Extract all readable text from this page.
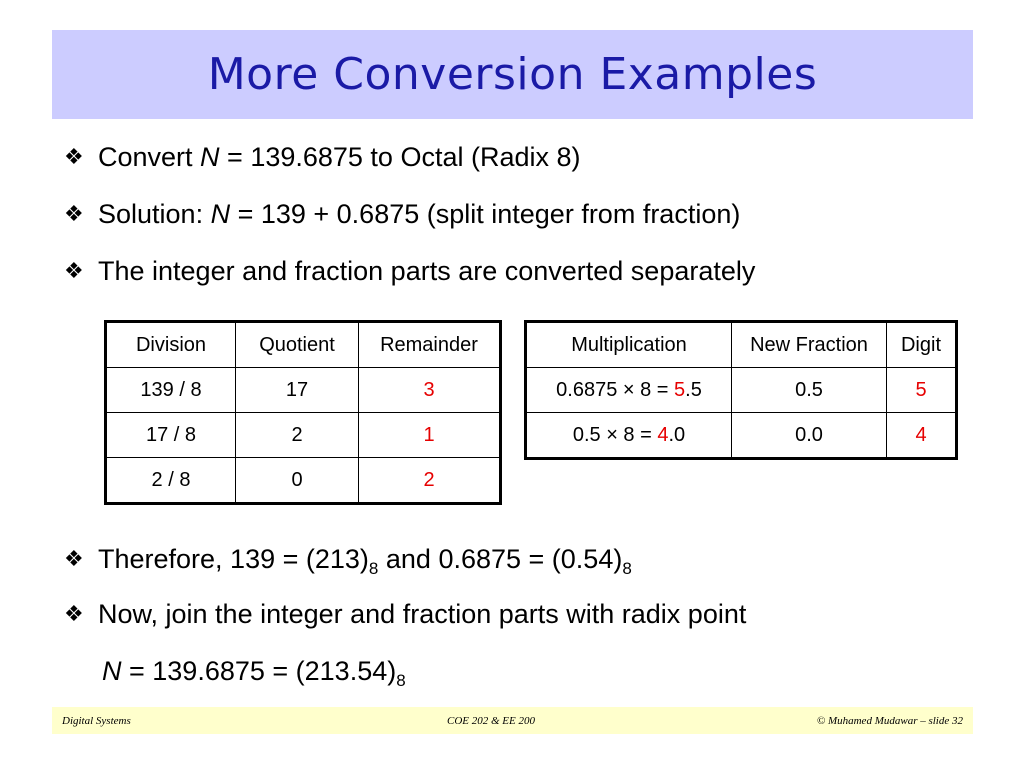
More Conversion Examples
❖ Convert N = 139.6875 to Octal (Radix 8)
❖ Solution: N = 139 + 0.6875 (split integer from fraction)
❖ The integer and fraction parts are converted separately
Division	Quotient	Remainder
139 / 8	17	3
17 / 8	2	1
2 / 8	0	2
Multiplication	New Fraction	Digit
0.6875 × 8 = 5.5	0.5	5
0.5 × 8 = 4.0	0.0	4
❖ Therefore, $139 = (213)_8$ and $0.6875 = (0.54)_8$
❖ Now, join the integer and fraction parts with radix point
$N = 139.6875 = (213.54)_8$
Digital Systems	COE 202 & EE 200	© Muhamed Mudawar – slide 32
